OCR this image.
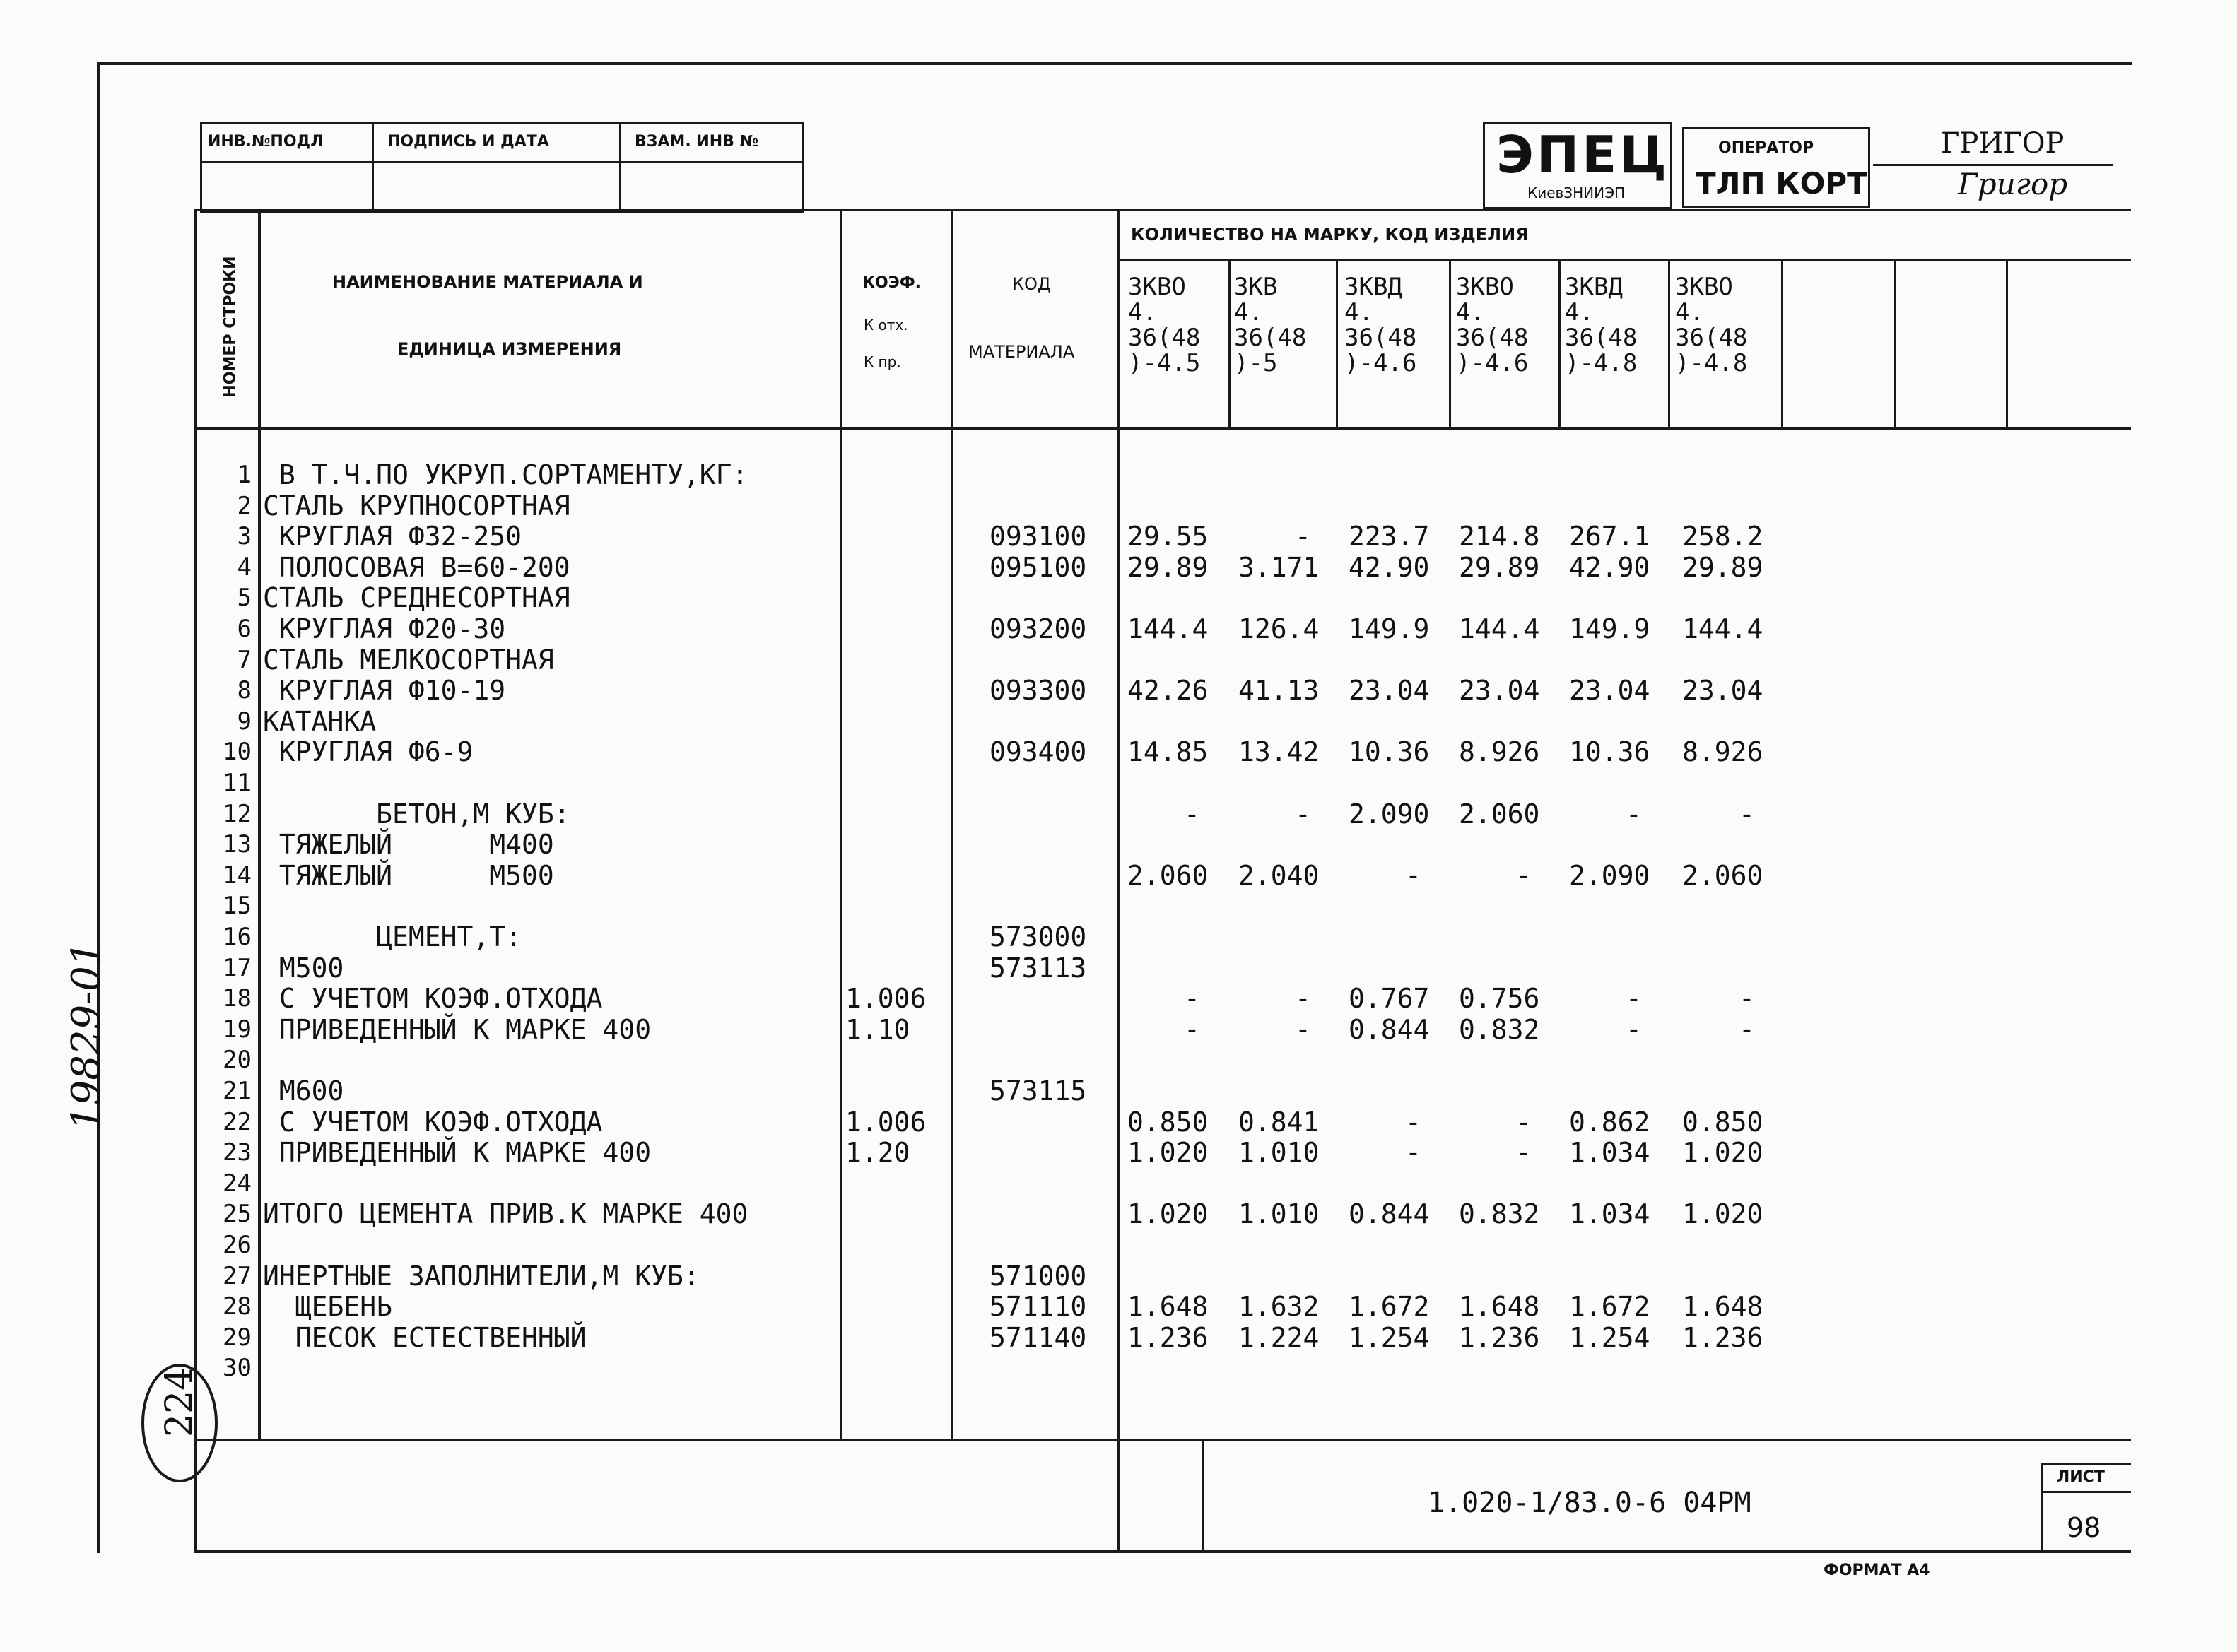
ИНВ.№ПОДЛ	ПОДПИСЬ И ДАТА	ВЗАМ. ИНВ №	ЭПЕЦ
КиевЗНИИЭП
ОПЕРАТОР
ТЛП КОРТ
ГРИГОР
Григор
НОМЕР СТРОКИ	НАИМЕНОВАНИЕ МАТЕРИАЛА И
ЕДИНИЦА ИЗМЕРЕНИЯ
КОЭФ.
К отх.
К пр.
КОД
МАТЕРИАЛА
КОЛИЧЕСТВО НА МАРКУ, КОД ИЗДЕЛИЯ
3КВО
4.
36(48
)-4.5
3КВ
4.
36(48
)-5
3КВД
4.
36(48
)-4.6
3КВО
4.
36(48
)-4.6
3КВД
4.
36(48
)-4.8
3КВО
4.
36(48
)-4.8
1 В Т.Ч.ПО УКРУП.СОРТАМЕНТУ,КГ:
2 СТАЛЬ КРУПНОСОРТНАЯ
3 КРУГЛАЯ Ф32-250	093100 29.55	- 223.7 214.8 267.1 258.2
4 ПОЛОСОВАЯ В=60-200	095100 29.89 3.171 42.90 29.89 42.90 29.89
5 СТАЛЬ СРЕДНЕСОРТНАЯ
6 КРУГЛАЯ Ф20-30	093200 144.4 126.4 149.9 144.4 149.9 144.4
7 СТАЛЬ МЕЛКОСОРТНАЯ
8 КРУГЛАЯ Ф10-19	093300 42.26 41.13 23.04 23.04 23.04 23.04
9 КАТАНКА
10 КРУГЛАЯ Ф6-9	093400 14.85 13.42 10.36 8.926 10.36 8.926
11
12 БЕТОН,М КУБ:	-	- 2.090 2.060	-	-
13 ТЯЖЕЛЫЙ      М400
14 ТЯЖЕЛЫЙ      М500	2.060 2.040	-	- 2.090 2.060
15
16 ЦЕМЕНТ,Т:	573000
17 М500	573113
18 С УЧЕТОМ КОЭФ.ОТХОДА	1.006	-	- 0.767 0.756	-	-
19 ПРИВЕДЕННЫЙ К МАРКЕ 400	1.10	-	- 0.844 0.832	-	-
20
21 М600	573115
22 С УЧЕТОМ КОЭФ.ОТХОДА	1.006	0.850 0.841	-	- 0.862 0.850
23 ПРИВЕДЕННЫЙ К МАРКЕ 400	1.20	1.020 1.010	-	- 1.034 1.020
24
25 ИТОГО ЦЕМЕНТА ПРИВ.К МАРКЕ 400	1.020 1.010 0.844 0.832 1.034 1.020
26
27 ИНЕРТНЫЕ ЗАПОЛНИТЕЛИ,М КУБ:	571000
28 ЩЕБЕНЬ	571110 1.648 1.632 1.672 1.648 1.672 1.648
29 ПЕСОК ЕСТЕСТВЕННЫЙ	571140 1.236 1.224 1.254 1.236 1.254 1.236
30
1.020-1/83.0-6 04РМ
ЛИСТ
98
ФОРМАТ А4
19829-01
224
